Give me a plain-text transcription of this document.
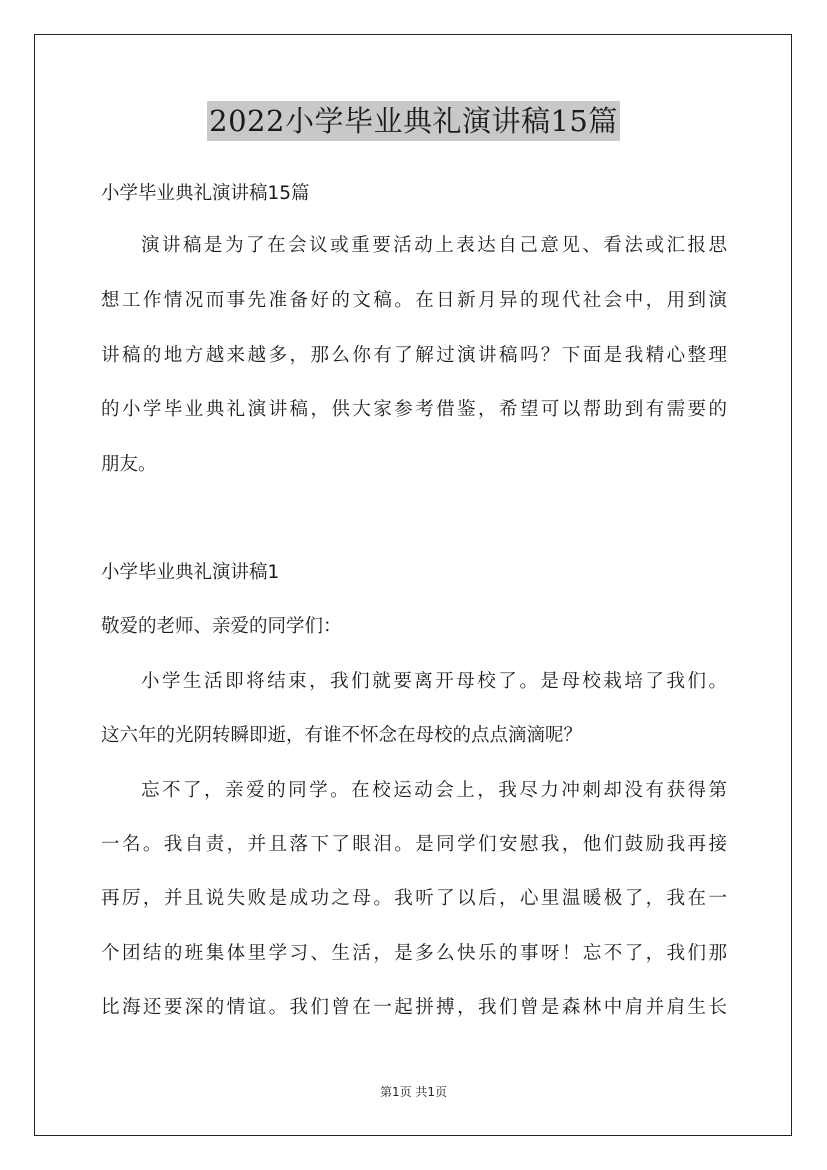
2022小学毕业典礼演讲稿15篇
小学毕业典礼演讲稿15篇
演讲稿是为了在会议或重要活动上表达自己意见、看法或汇报思
想工作情况而事先准备好的文稿。在日新月异的现代社会中，用到演
讲稿的地方越来越多，那么你有了解过演讲稿吗？下面是我精心整理
的小学毕业典礼演讲稿，供大家参考借鉴，希望可以帮助到有需要的
朋友。
小学毕业典礼演讲稿1
敬爱的老师、亲爱的同学们：
小学生活即将结束，我们就要离开母校了。是母校栽培了我们。
这六年的光阴转瞬即逝，有谁不怀念在母校的点点滴滴呢？
忘不了，亲爱的同学。在校运动会上，我尽力冲刺却没有获得第
一名。我自责，并且落下了眼泪。是同学们安慰我，他们鼓励我再接
再厉，并且说失败是成功之母。我听了以后，心里温暖极了，我在一
个团结的班集体里学习、生活，是多么快乐的事呀！忘不了，我们那
比海还要深的情谊。我们曾在一起拼搏，我们曾是森林中肩并肩生长
第1页 共1页
